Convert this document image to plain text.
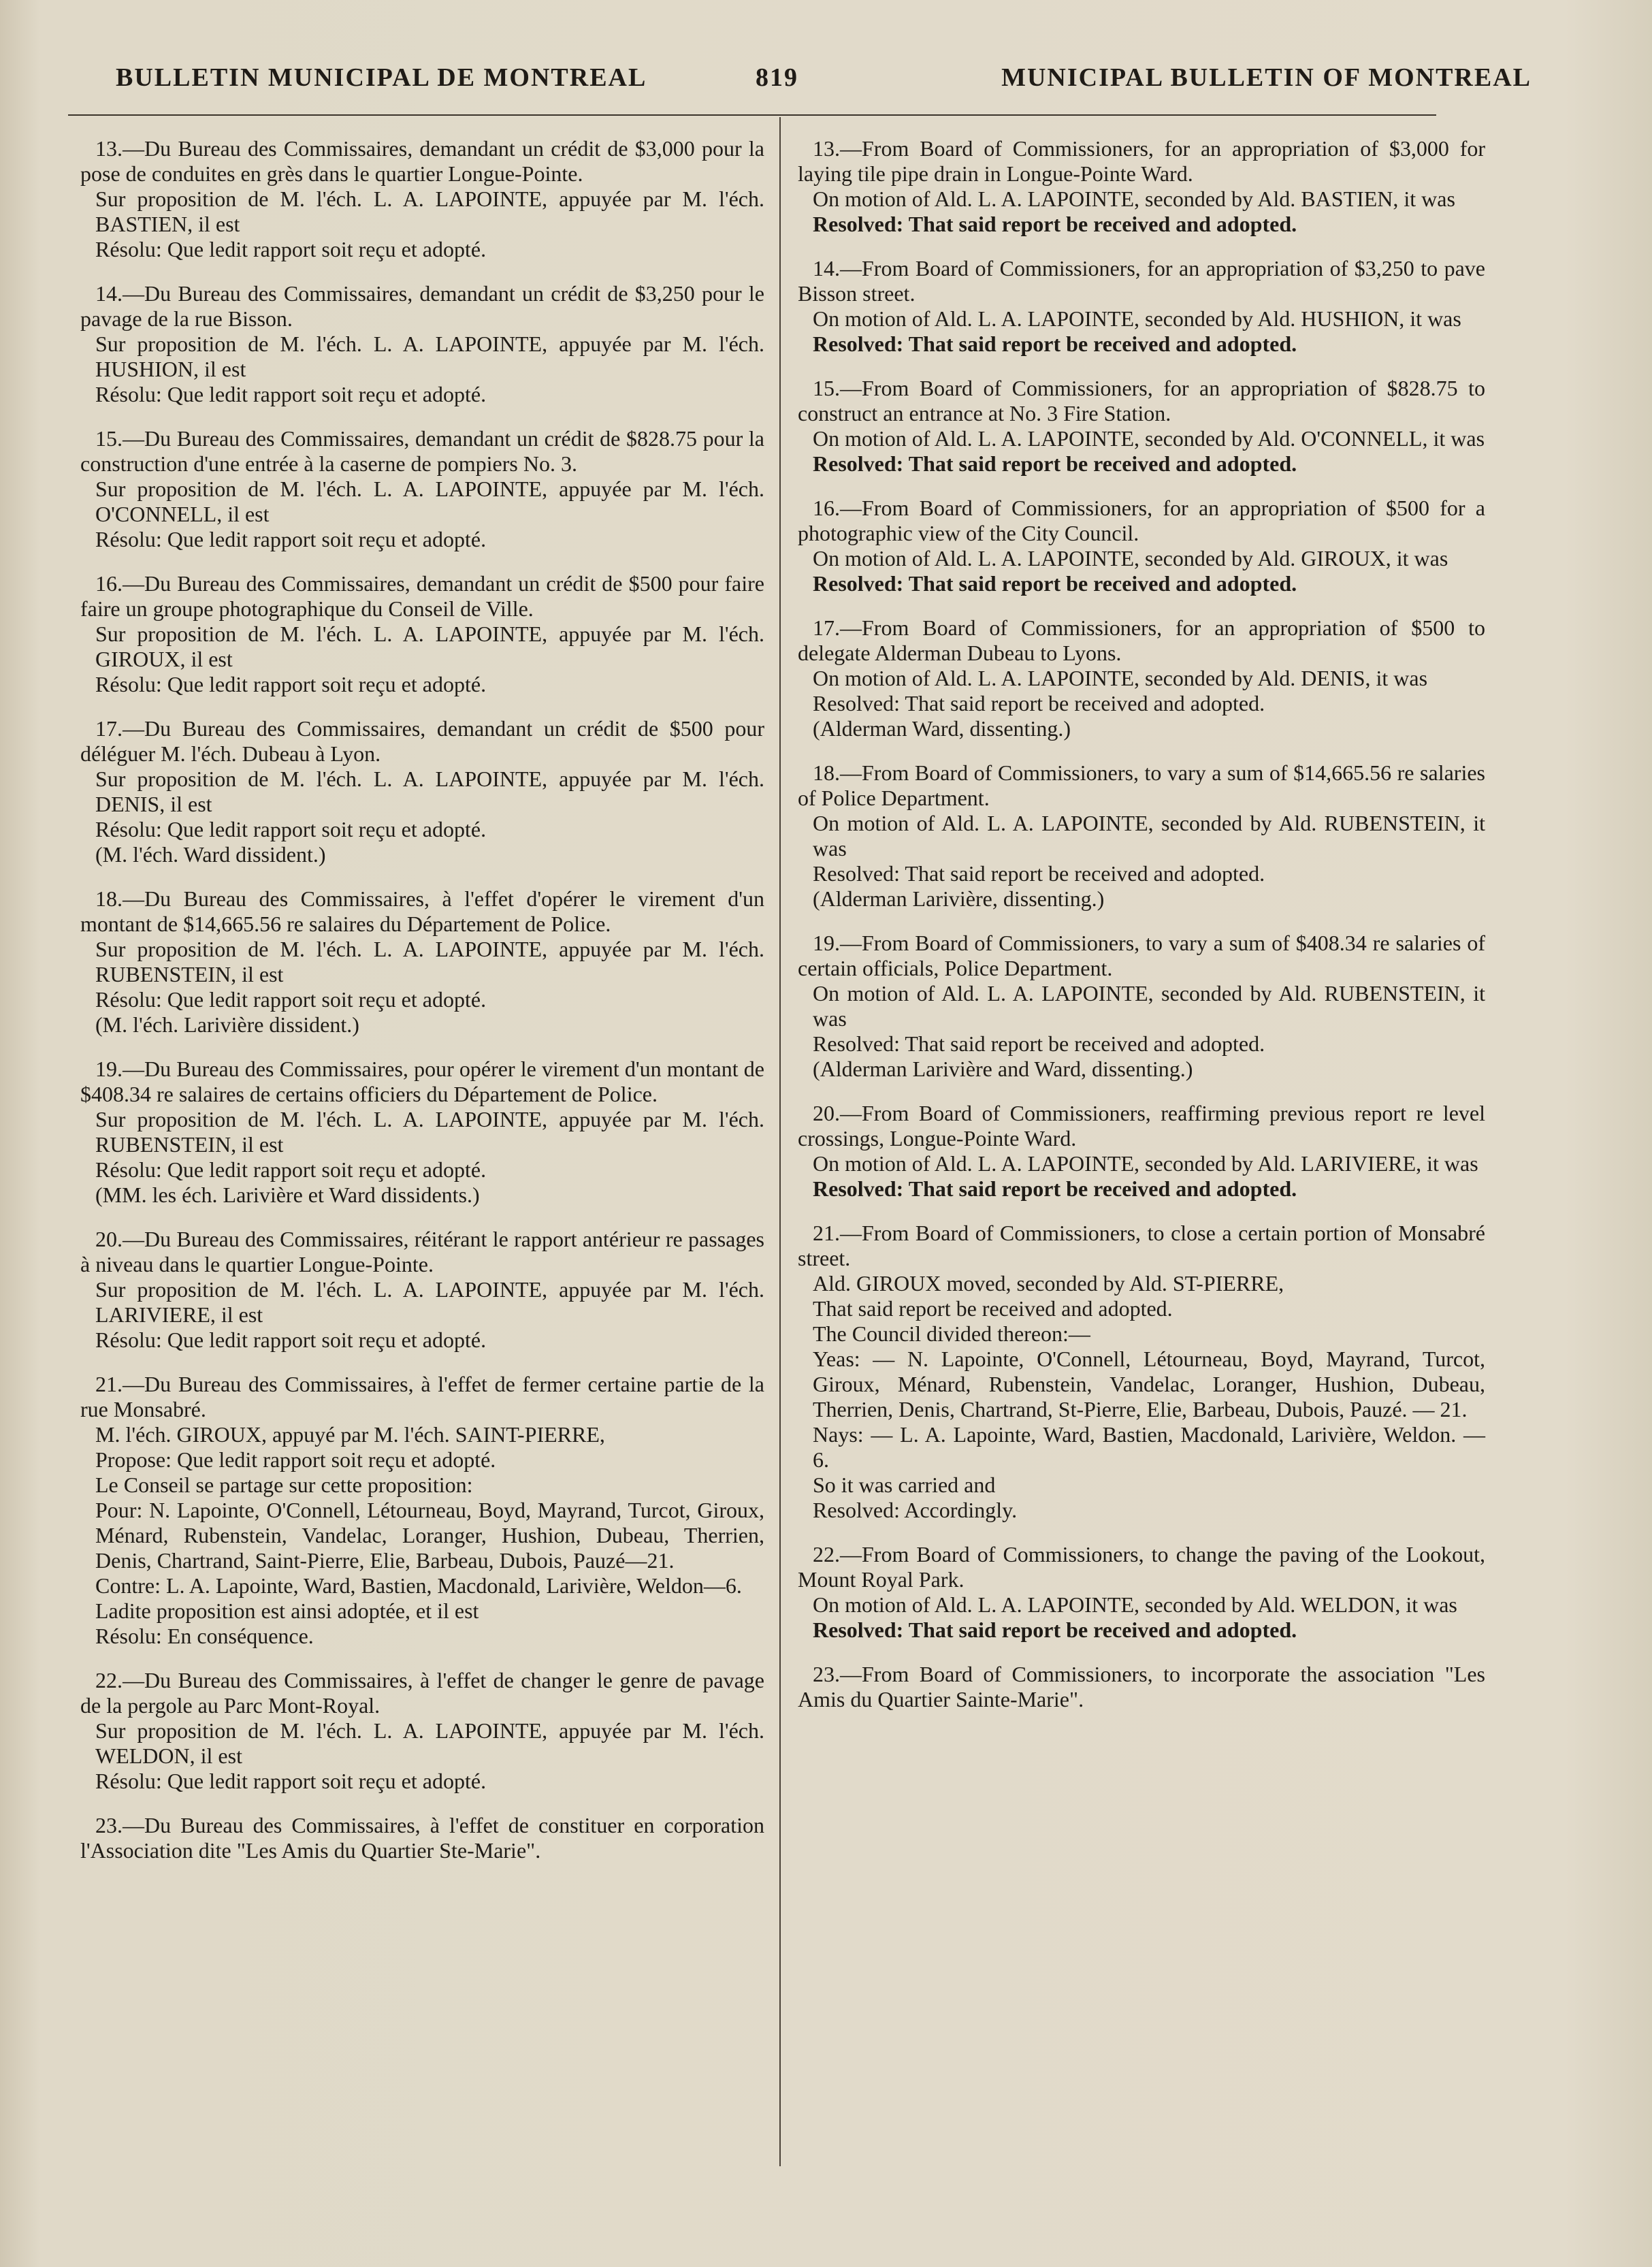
BULLETIN MUNICIPAL DE MONTREAL	819	MUNICIPAL BULLETIN OF MONTREAL

13.—Du Bureau des Commissaires, demandant un crédit de $3,000 pour la pose de conduites en grès dans le quartier Longue-Pointe.

Sur proposition de M. l'éch. L. A. LAPOINTE, appuyée par M. l'éch. BASTIEN, il est

Résolu: Que ledit rapport soit reçu et adopté.

14.—Du Bureau des Commissaires, demandant un crédit de $3,250 pour le pavage de la rue Bisson.

Sur proposition de M. l'éch. L. A. LAPOINTE, appuyée par M. l'éch. HUSHION, il est

Résolu: Que ledit rapport soit reçu et adopté.

15.—Du Bureau des Commissaires, demandant un crédit de $828.75 pour la construction d'une entrée à la caserne de pompiers No. 3.

Sur proposition de M. l'éch. L. A. LAPOINTE, appuyée par M. l'éch. O'CONNELL, il est

Résolu: Que ledit rapport soit reçu et adopté.

16.—Du Bureau des Commissaires, demandant un crédit de $500 pour faire faire un groupe photographique du Conseil de Ville.

Sur proposition de M. l'éch. L. A. LAPOINTE, appuyée par M. l'éch. GIROUX, il est

Résolu: Que ledit rapport soit reçu et adopté.

17.—Du Bureau des Commissaires, demandant un crédit de $500 pour déléguer M. l'éch. Dubeau à Lyon.

Sur proposition de M. l'éch. L. A. LAPOINTE, appuyée par M. l'éch. DENIS, il est

Résolu: Que ledit rapport soit reçu et adopté.

(M. l'éch. Ward dissident.)

18.—Du Bureau des Commissaires, à l'effet d'opérer le virement d'un montant de $14,665.56 re salaires du Département de Police.

Sur proposition de M. l'éch. L. A. LAPOINTE, appuyée par M. l'éch. RUBENSTEIN, il est

Résolu: Que ledit rapport soit reçu et adopté.

(M. l'éch. Larivière dissident.)

19.—Du Bureau des Commissaires, pour opérer le virement d'un montant de $408.34 re salaires de certains officiers du Département de Police.

Sur proposition de M. l'éch. L. A. LAPOINTE, appuyée par M. l'éch. RUBENSTEIN, il est

Résolu: Que ledit rapport soit reçu et adopté.

(MM. les éch. Larivière et Ward dissidents.)

20.—Du Bureau des Commissaires, réitérant le rapport antérieur re passages à niveau dans le quartier Longue-Pointe.

Sur proposition de M. l'éch. L. A. LAPOINTE, appuyée par M. l'éch. LARIVIERE, il est

Résolu: Que ledit rapport soit reçu et adopté.

21.—Du Bureau des Commissaires, à l'effet de fermer certaine partie de la rue Monsabré.

M. l'éch. GIROUX, appuyé par M. l'éch. SAINT-PIERRE,

Propose: Que ledit rapport soit reçu et adopté.

Le Conseil se partage sur cette proposition:

Pour: N. Lapointe, O'Connell, Létourneau, Boyd, Mayrand, Turcot, Giroux, Ménard, Rubenstein, Vandelac, Loranger, Hushion, Dubeau, Therrien, Denis, Chartrand, Saint-Pierre, Elie, Barbeau, Dubois, Pauzé—21.

Contre: L. A. Lapointe, Ward, Bastien, Macdonald, Larivière, Weldon—6.

Ladite proposition est ainsi adoptée, et il est

Résolu: En conséquence.

22.—Du Bureau des Commissaires, à l'effet de changer le genre de pavage de la pergole au Parc Mont-Royal.

Sur proposition de M. l'éch. L. A. LAPOINTE, appuyée par M. l'éch. WELDON, il est

Résolu: Que ledit rapport soit reçu et adopté.

23.—Du Bureau des Commissaires, à l'effet de constituer en corporation l'Association dite "Les Amis du Quartier Ste-Marie".

13.—From Board of Commissioners, for an appropriation of $3,000 for laying tile pipe drain in Longue-Pointe Ward.

On motion of Ald. L. A. LAPOINTE, seconded by Ald. BASTIEN, it was

Resolved: That said report be received and adopted.

14.—From Board of Commissioners, for an appropriation of $3,250 to pave Bisson street.

On motion of Ald. L. A. LAPOINTE, seconded by Ald. HUSHION, it was

Resolved: That said report be received and adopted.

15.—From Board of Commissioners, for an appropriation of $828.75 to construct an entrance at No. 3 Fire Station.

On motion of Ald. L. A. LAPOINTE, seconded by Ald. O'CONNELL, it was

Resolved: That said report be received and adopted.

16.—From Board of Commissioners, for an appropriation of $500 for a photographic view of the City Council.

On motion of Ald. L. A. LAPOINTE, seconded by Ald. GIROUX, it was

Resolved: That said report be received and adopted.

17.—From Board of Commissioners, for an appropriation of $500 to delegate Alderman Dubeau to Lyons.

On motion of Ald. L. A. LAPOINTE, seconded by Ald. DENIS, it was

Resolved: That said report be received and adopted.

(Alderman Ward, dissenting.)

18.—From Board of Commissioners, to vary a sum of $14,665.56 re salaries of Police Department.

On motion of Ald. L. A. LAPOINTE, seconded by Ald. RUBENSTEIN, it was

Resolved: That said report be received and adopted.

(Alderman Larivière, dissenting.)

19.—From Board of Commissioners, to vary a sum of $408.34 re salaries of certain officials, Police Department.

On motion of Ald. L. A. LAPOINTE, seconded by Ald. RUBENSTEIN, it was

Resolved: That said report be received and adopted.

(Alderman Larivière and Ward, dissenting.)

20.—From Board of Commissioners, reaffirming previous report re level crossings, Longue-Pointe Ward.

On motion of Ald. L. A. LAPOINTE, seconded by Ald. LARIVIERE, it was

Resolved: That said report be received and adopted.

21.—From Board of Commissioners, to close a certain portion of Monsabré street.

Ald. GIROUX moved, seconded by Ald. ST-PIERRE,

That said report be received and adopted.

The Council divided thereon:—

Yeas: — N. Lapointe, O'Connell, Létourneau, Boyd, Mayrand, Turcot, Giroux, Ménard, Rubenstein, Vandelac, Loranger, Hushion, Dubeau, Therrien, Denis, Chartrand, St-Pierre, Elie, Barbeau, Dubois, Pauzé. — 21.

Nays: — L. A. Lapointe, Ward, Bastien, Macdonald, Larivière, Weldon. — 6.

So it was carried and

Resolved: Accordingly.

22.—From Board of Commissioners, to change the paving of the Lookout, Mount Royal Park.

On motion of Ald. L. A. LAPOINTE, seconded by Ald. WELDON, it was

Resolved: That said report be received and adopted.

23.—From Board of Commissioners, to incorporate the association "Les Amis du Quartier Sainte-Marie".
